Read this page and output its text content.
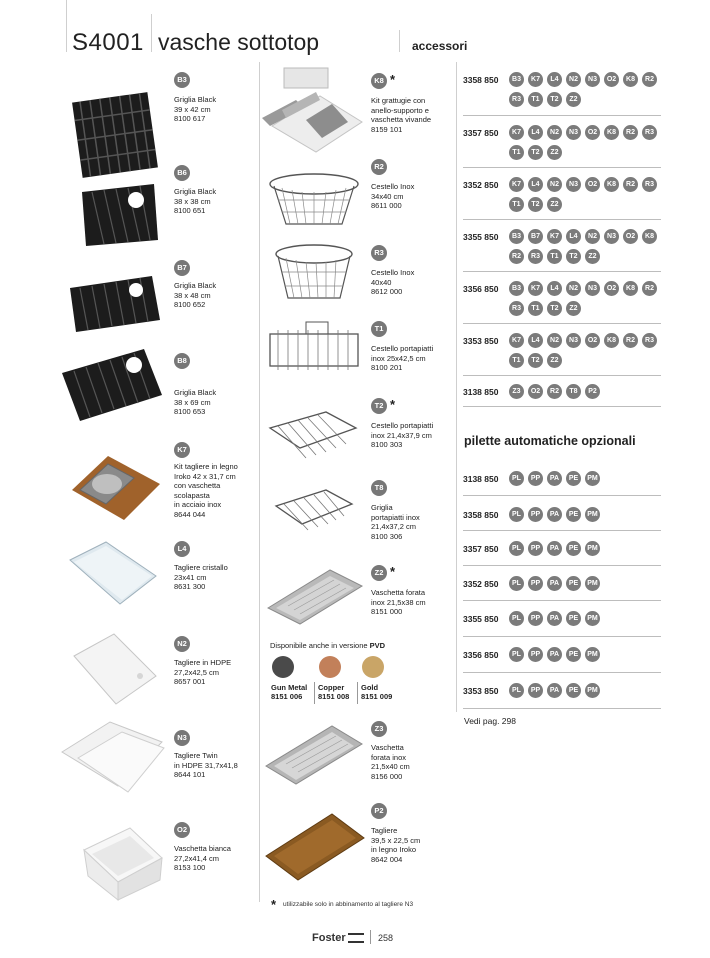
S4001 vasche sottotop	accessori
B3
Griglia Black
39 x 42 cm
8100 617
B6
Griglia Black
38 x 38 cm
8100 651
B7
Griglia Black
38 x 48 cm
8100 652
B8
Griglia Black
38 x 69 cm
8100 653
K7
Kit taglierе in legno
Iroko 42 x 31,7 cm
con vaschetta
scolapasta
in acciaio inox
8644 044
L4
Tagliere cristallo
23x41 cm
8631 300
N2
Tagliere in HDPE
27,2x42,5 cm
8657 001
N3
Tagliere Twin
in HDPE 31,7x41,8
8644 101
O2
Vaschetta bianca
27,2x41,4 cm
8153 100
K8 *
Kit grattugie con
anello-supporto e
vaschetta vivande
8159 101
R2
Cestello Inox
34x40 cm
8611 000
R3
Cestello Inox
40x40
8612 000
T1
Cestello portapiatti
inox 25x42,5 cm
8100 201
T2 *
Cestello portapiatti
inox 21,4x37,9 cm
8100 303
T8
Griglia
portapiatti inox
21,4x37,2 cm
8100 306
Z2 *
Vaschetta forata
inox 21,5x38 cm
8151 000
Z3
Vaschetta
forata inox
21,5x40 cm
8156 000
P2
Tagliere
39,5 x 22,5 cm
in legno Iroko
8642 004
Disponibile anche in versione PVD
Gun Metal
8151 006
Copper
8151 008
Gold
8151 009
* utilizzabile solo in abbinamento al tagliere N3
3358 850	B3	K7	L4	N2	N3	O2	K8	R2
R3	T1	T2	Z2
3357 850	K7	L4	N2	N3	O2	K8	R2	R3
T1	T2	Z2
3352 850	K7	L4	N2	N3	O2	K8	R2	R3
T1	T2	Z2
3355 850	B3	B7	K7	L4	N2	N3	O2	K8
R2	R3	T1	T2	Z2
3356 850	B3	K7	L4	N2	N3	O2	K8	R2
R3	T1	T2	Z2
3353 850	K7	L4	N2	N3	O2	K8	R2	R3
T1	T2	Z2
3138 850	Z3	O2	R2	T8	P2
pilette automatiche opzionali
3138 850	PL	PP	PA	PE	PM
3358 850	PL	PP	PA	PE	PM
3357 850	PL	PP	PA	PE	PM
3352 850	PL	PP	PA	PE	PM
3355 850	PL	PP	PA	PE	PM
3356 850	PL	PP	PA	PE	PM
3353 850	PL	PP	PA	PE	PM
Vedi pag. 298
Foster	258
